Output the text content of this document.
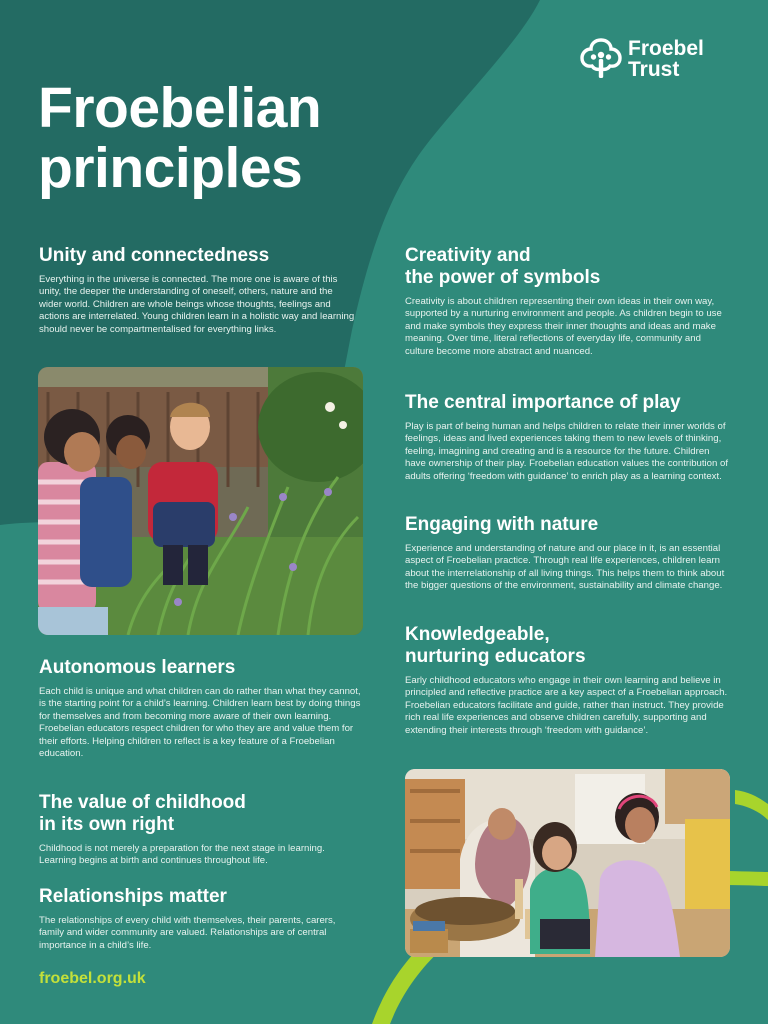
Froebel
Trust
Froebelian
principles
Unity and connectedness

Everything in the universe is connected. The more one is aware of this unity, the deeper the understanding of oneself, others, nature and the wider world. Children are whole beings whose thoughts, feelings and actions are interrelated. Young children learn in a holistic way and learning should never be compartmentalised for everything links.

Autonomous learners

Each child is unique and what children can do rather than what they cannot, is the starting point for a child’s learning. Children learn best by doing things for themselves and from becoming more aware of their own learning. Froebelian educators respect children for who they are and value them for their efforts. Helping children to reflect is a key feature of a Froebelian education.

The value of childhood
in its own right

Childhood is not merely a preparation for the next stage in learning. Learning begins at birth and continues throughout life.

Relationships matter

The relationships of every child with themselves, their parents, carers, family and wider community are valued. Relationships are of central importance in a child’s life.

Creativity and
the power of symbols

Creativity is about children representing their own ideas in their own way, supported by a nurturing environment and people. As children begin to use and make symbols they express their inner thoughts and ideas and make meaning. Over time, literal reflections of everyday life, community and culture become more abstract and nuanced.

The central importance of play

Play is part of being human and helps children to relate their inner worlds of feelings, ideas and lived experiences taking them to new levels of thinking, feeling, imagining and creating and is a resource for the future. Children have ownership of their play. Froebelian education values the contribution of adults offering ‘freedom with guidance’ to enrich play as a learning context.

Engaging with nature

Experience and understanding of nature and our place in it, is an essential aspect of Froebelian practice. Through real life experiences, children learn about the interrelationship of all living things. This helps them to think about the bigger questions of the environment, sustainability and climate change.

Knowledgeable,
nurturing educators

Early childhood educators who engage in their own learning and believe in principled and reflective practice are a key aspect of a Froebelian approach. Froebelian educators facilitate and guide, rather than instruct. They provide rich real life experiences and observe children carefully, supporting and extending their interests through ‘freedom with guidance’.

froebel.org.uk
